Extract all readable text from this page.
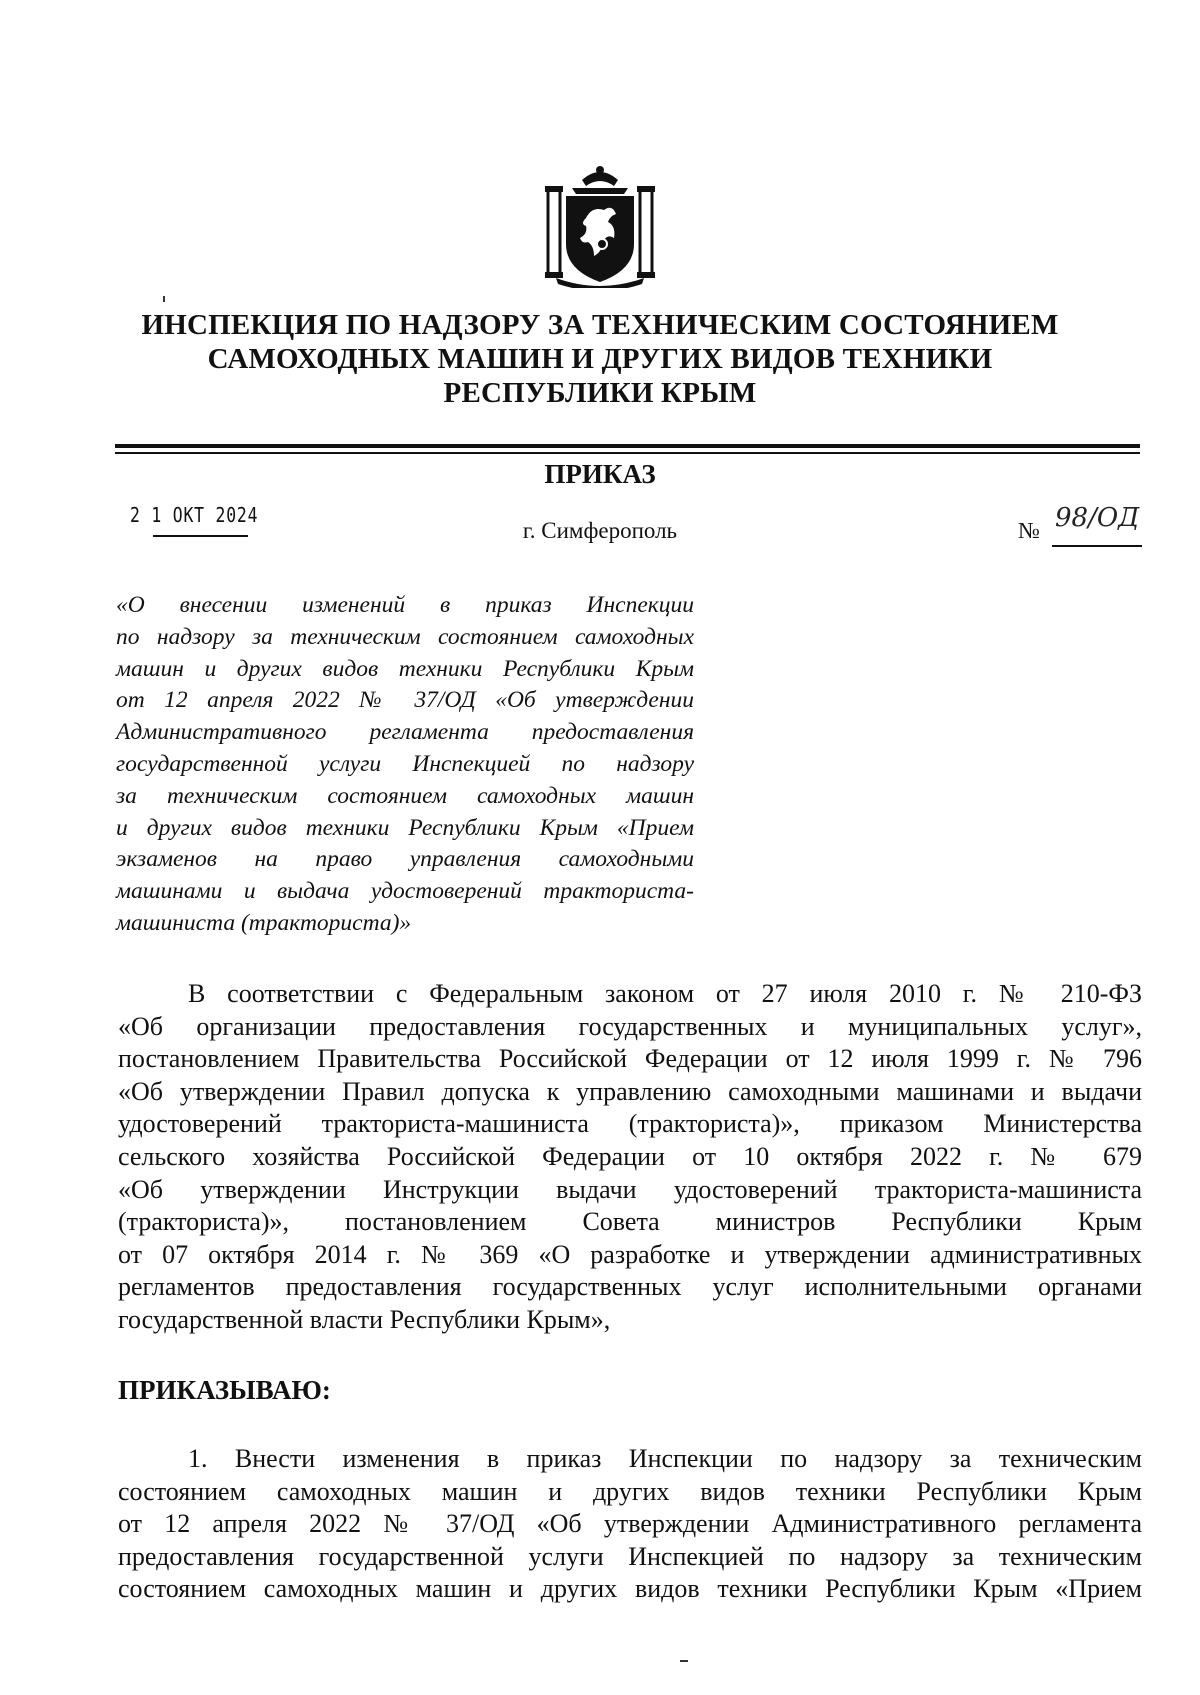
ИНСПЕКЦИЯ ПО НАДЗОРУ ЗА ТЕХНИЧЕСКИМ СОСТОЯНИЕМ
САМОХОДНЫХ МАШИН И ДРУГИХ ВИДОВ ТЕХНИКИ
РЕСПУБЛИКИ КРЫМ
ПРИКАЗ
2 1 ОКТ 2024
г. Симферополь	№ 98/ОД
«О внесении изменений в приказ Инспекции
по надзору за техническим состоянием самоходных
машин и других видов техники Республики Крым
от 12 апреля 2022 № 37/ОД «Об утверждении
Административного регламента предоставления
государственной услуги Инспекцией по надзору
за техническим состоянием самоходных машин
и других видов техники Республики Крым «Прием
экзаменов на право управления самоходными
машинами и выдача удостоверений тракториста-
машиниста (тракториста)»
В соответствии с Федеральным законом от 27 июля 2010 г. № 210-ФЗ
«Об организации предоставления государственных и муниципальных услуг»,
постановлением Правительства Российской Федерации от 12 июля 1999 г. № 796
«Об утверждении Правил допуска к управлению самоходными машинами и выдачи
удостоверений тракториста-машиниста (тракториста)», приказом Министерства
сельского хозяйства Российской Федерации от 10 октября 2022 г. № 679
«Об утверждении Инструкции выдачи удостоверений тракториста-машиниста
(тракториста)», постановлением Совета министров Республики Крым
от 07 октября 2014 г. № 369 «О разработке и утверждении административных
регламентов предоставления государственных услуг исполнительными органами
государственной власти Республики Крым»,
ПРИКАЗЫВАЮ:
1. Внести изменения в приказ Инспекции по надзору за техническим
состоянием самоходных машин и других видов техники Республики Крым
от 12 апреля 2022 № 37/ОД «Об утверждении Административного регламента
предоставления государственной услуги Инспекцией по надзору за техническим
состоянием самоходных машин и других видов техники Республики Крым «Прием
